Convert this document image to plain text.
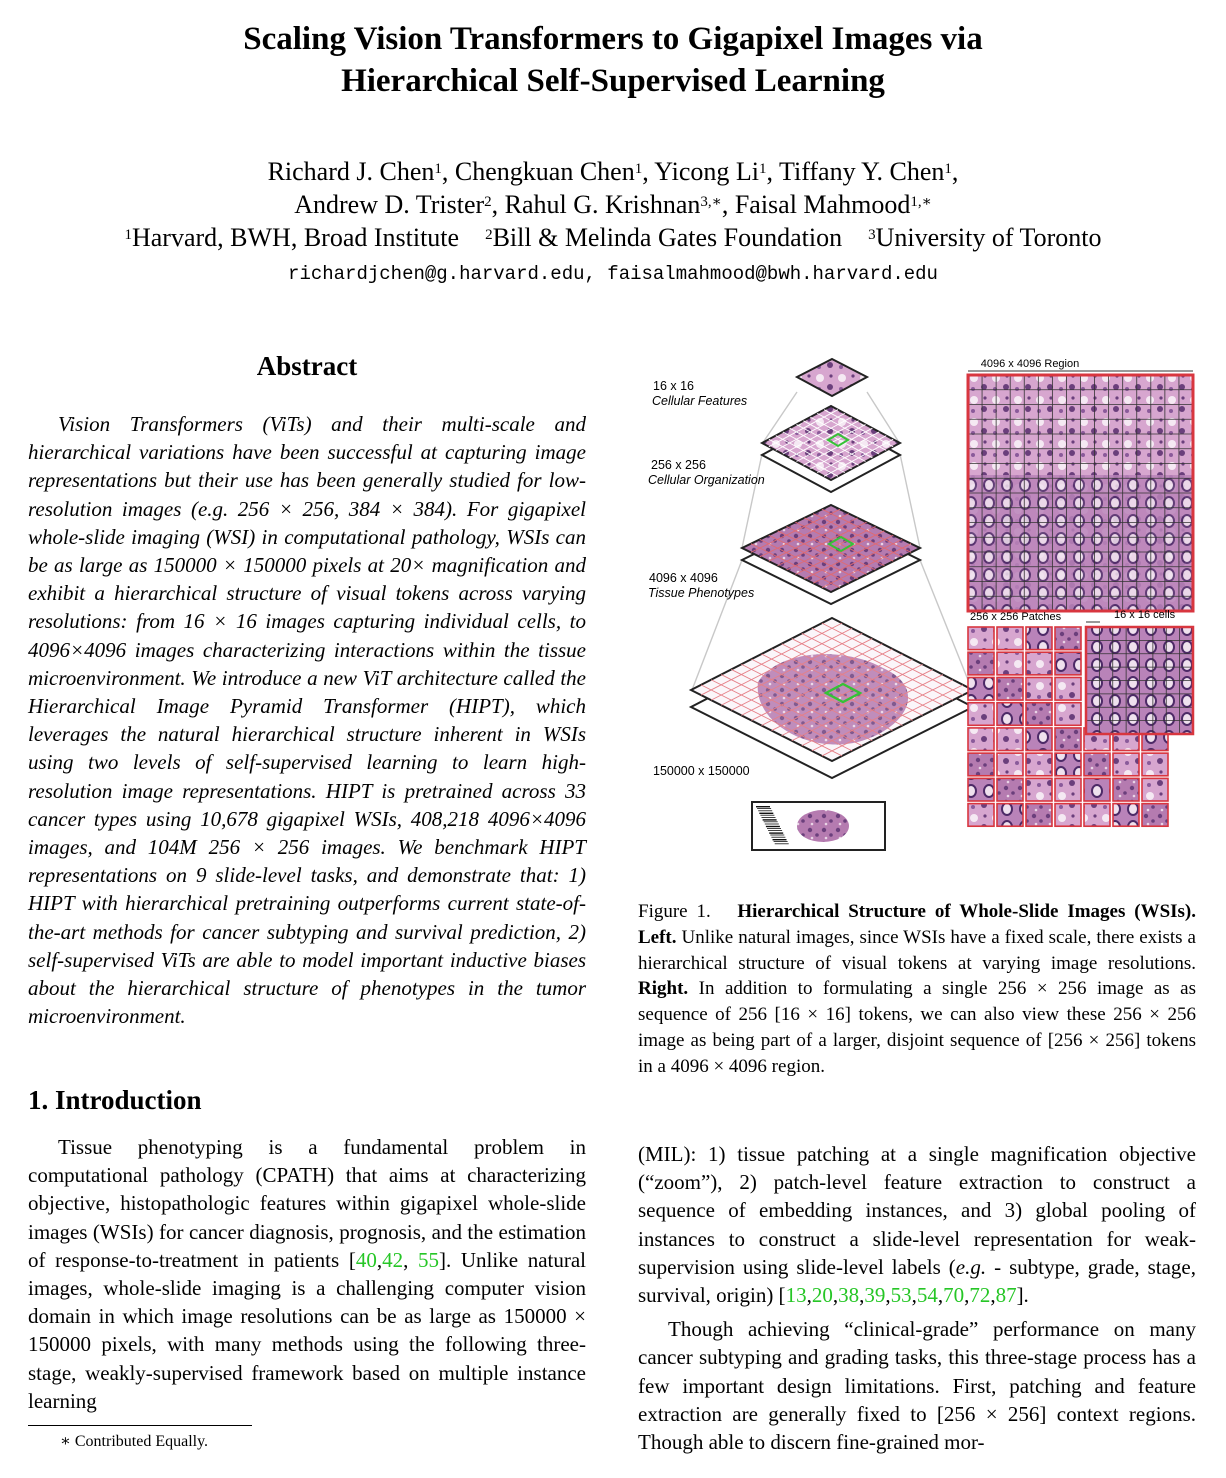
Scaling Vision Transformers to Gigapixel Images via
Hierarchical Self-Supervised Learning
Richard J. Chen$^1$, Chengkuan Chen$^1$, Yicong Li$^1$, Tiffany Y. Chen$^1$,
Andrew D. Trister$^2$, Rahul G. Krishnan$^{3,∗}$, Faisal Mahmood$^{1,∗}$
$^1$Harvard, BWH, Broad Institute $^2$Bill & Melinda Gates Foundation $^3$University of Toronto
richardjchen@g.harvard.edu, faisalmahmood@bwh.harvard.edu
Abstract

Vision Transformers (ViTs) and their multi-scale and hierarchical variations have been successful at capturing image representations but their use has been generally studied for low-resolution images (e.g. 256 × 256, 384 × 384). For gigapixel whole-slide imaging (WSI) in computational pathology, WSIs can be as large as 150000 × 150000 pixels at 20× magnification and exhibit a hierarchical structure of visual tokens across varying resolutions: from 16 × 16 images capturing individual cells, to 4096×4096 images characterizing interactions within the tissue microenvironment. We introduce a new ViT architecture called the Hierarchical Image Pyramid Transformer (HIPT), which leverages the natural hierarchical structure inherent in WSIs using two levels of self-supervised learning to learn high-resolution image representations. HIPT is pretrained across 33 cancer types using 10,678 gigapixel WSIs, 408,218 4096×4096 images, and 104M 256 × 256 images. We benchmark HIPT representations on 9 slide-level tasks, and demonstrate that: 1) HIPT with hierarchical pretraining outperforms current state-of-the-art methods for cancer subtyping and survival prediction, 2) self-supervised ViTs are able to model important inductive biases about the hierarchical structure of phenotypes in the tumor microenvironment.

1. Introduction

Tissue phenotyping is a fundamental problem in computational pathology (CPATH) that aims at characterizing objective, histopathologic features within gigapixel whole-slide images (WSIs) for cancer diagnosis, prognosis, and the estimation of response-to-treatment in patients [40,42, 55]. Unlike natural images, whole-slide imaging is a challenging computer vision domain in which image resolutions can be as large as 150000 × 150000 pixels, with many methods using the following three-stage, weakly-supervised framework based on multiple instance learning

∗ Contributed Equally.
16 x 16
Cellular Features
256 x 256
Cellular Organization
4096 x 4096
Tissue Phenotypes
150000 x 150000
4096 x 4096 Region
256 x 256 Patches	16 x 16 cells
Figure 1. Hierarchical Structure of Whole-Slide Images (WSIs). Left. Unlike natural images, since WSIs have a fixed scale, there exists a hierarchical structure of visual tokens at varying image resolutions. Right. In addition to formulating a single 256 × 256 image as as sequence of 256 [16 × 16] tokens, we can also view these 256 × 256 image as being part of a larger, disjoint sequence of [256 × 256] tokens in a 4096 × 4096 region.

(MIL): 1) tissue patching at a single magnification objective (“zoom”), 2) patch-level feature extraction to construct a sequence of embedding instances, and 3) global pooling of instances to construct a slide-level representation for weak-supervision using slide-level labels (e.g. - subtype, grade, stage, survival, origin) [13,20,38,39,53,54,70,72,87].

Though achieving “clinical-grade” performance on many cancer subtyping and grading tasks, this three-stage process has a few important design limitations. First, patching and feature extraction are generally fixed to [256 × 256] context regions. Though able to discern fine-grained mor-
